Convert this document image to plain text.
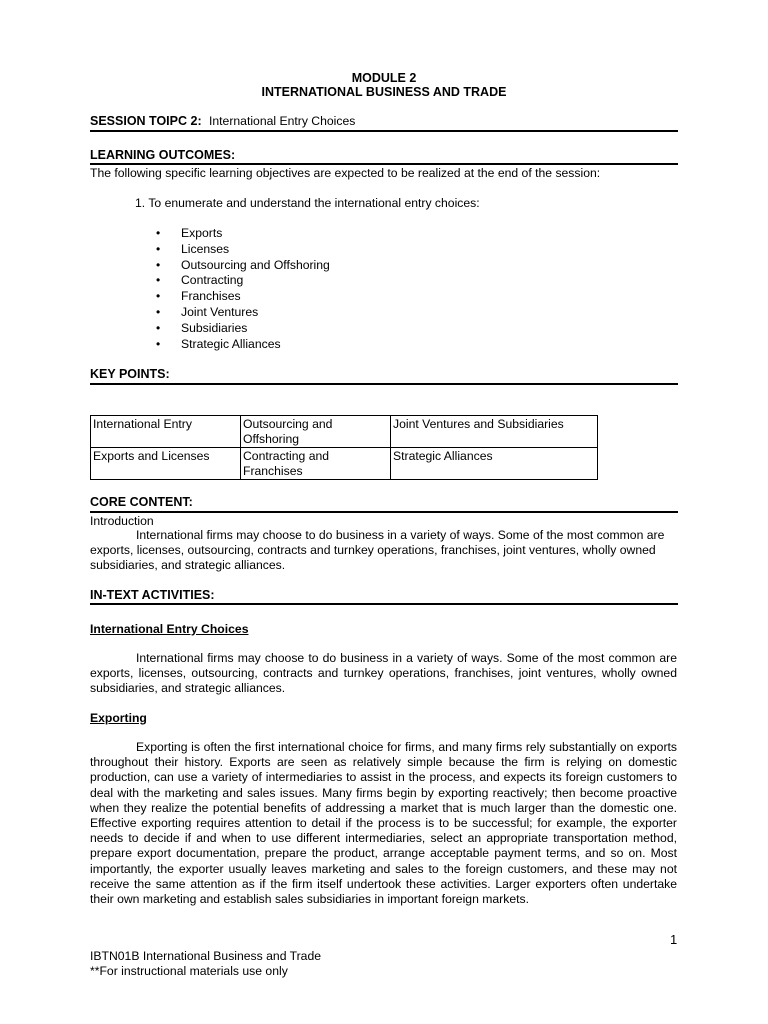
MODULE 2
INTERNATIONAL BUSINESS AND TRADE
SESSION TOIPC 2: International Entry Choices
LEARNING OUTCOMES:
The following specific learning objectives are expected to be realized at the end of the session:
1. To enumerate and understand the international entry choices:
• Exports
• Licenses
• Outsourcing and Offshoring
• Contracting
• Franchises
• Joint Ventures
• Subsidiaries
• Strategic Alliances
KEY POINTS:
International Entry	Outsourcing and Offshoring	Joint Ventures and Subsidiaries
Exports and Licenses	Contracting and Franchises	Strategic Alliances
CORE CONTENT:
Introduction
International firms may choose to do business in a variety of ways. Some of the most common are exports, licenses, outsourcing, contracts and turnkey operations, franchises, joint ventures, wholly owned subsidiaries, and strategic alliances.
IN-TEXT ACTIVITIES:
International Entry Choices
International firms may choose to do business in a variety of ways. Some of the most common are exports, licenses, outsourcing, contracts and turnkey operations, franchises, joint ventures, wholly owned subsidiaries, and strategic alliances.
Exporting
Exporting is often the first international choice for firms, and many firms rely substantially on exports throughout their history. Exports are seen as relatively simple because the firm is relying on domestic production, can use a variety of intermediaries to assist in the process, and expects its foreign customers to deal with the marketing and sales issues. Many firms begin by exporting reactively; then become proactive when they realize the potential benefits of addressing a market that is much larger than the domestic one. Effective exporting requires attention to detail if the process is to be successful; for example, the exporter needs to decide if and when to use different intermediaries, select an appropriate transportation method, prepare export documentation, prepare the product, arrange acceptable payment terms, and so on. Most importantly, the exporter usually leaves marketing and sales to the foreign customers, and these may not receive the same attention as if the firm itself undertook these activities. Larger exporters often undertake their own marketing and establish sales subsidiaries in important foreign markets.
1
IBTN01B International Business and Trade
**For instructional materials use only
